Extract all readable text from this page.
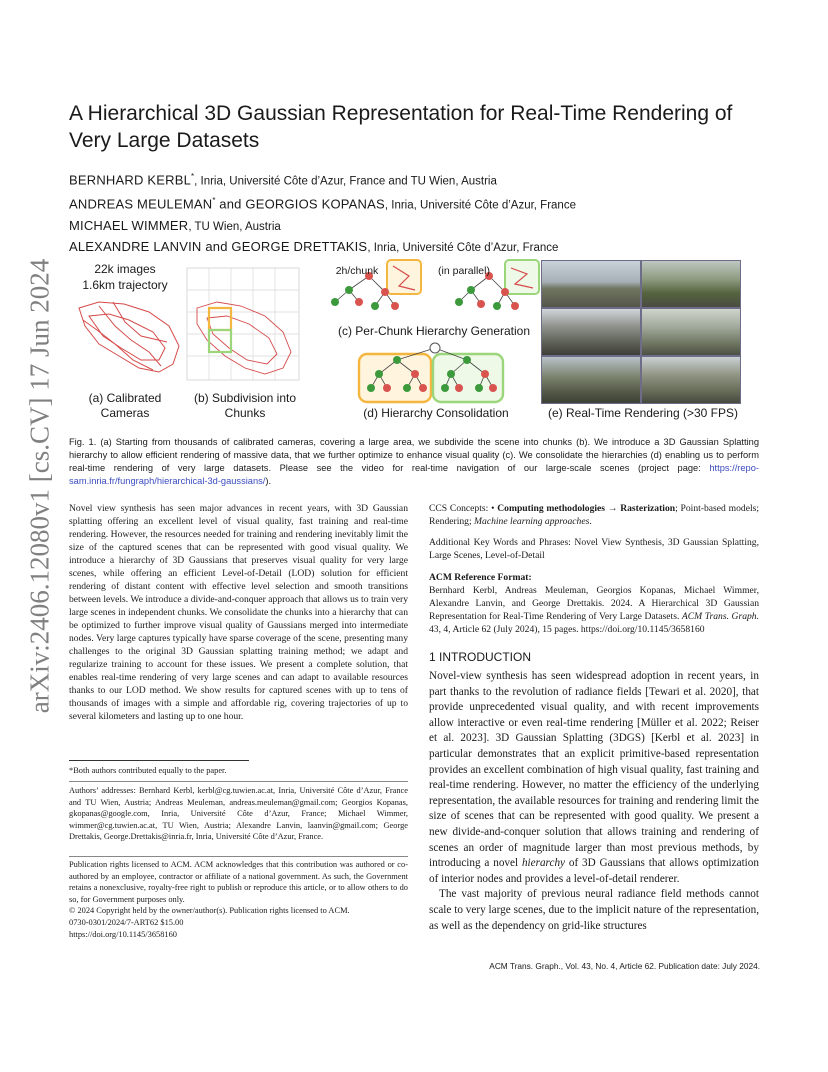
arXiv:2406.12080v1 [cs.CV] 17 Jun 2024
A Hierarchical 3D Gaussian Representation for Real-Time Rendering of
Very Large Datasets
BERNHARD KERBL*, Inria, Université Côte d’Azur, France and TU Wien, Austria
ANDREAS MEULEMAN* and GEORGIOS KOPANAS, Inria, Université Côte d’Azur, France
MICHAEL WIMMER, TU Wien, Austria
ALEXANDRE LANVIN and GEORGE DRETTAKIS, Inria, Université Côte d’Azur, France
22k images
1.6km trajectory
2h/chunk	(in parallel)
(c) Per-Chunk Hierarchy Generation
(a) Calibrated
Cameras
(b) Subdivision into
Chunks	(d) Hierarchy Consolidation	(e) Real-Time Rendering (>30 FPS)
Fig. 1. (a) Starting from thousands of calibrated cameras, covering a large area, we subdivide the scene into chunks (b). We introduce a 3D Gaussian Splatting hierarchy to allow efficient rendering of massive data, that we further optimize to enhance visual quality (c). We consolidate the hierarchies (d) enabling us to perform real-time rendering of very large datasets. Please see the video for real-time navigation of our large-scale scenes (project page: https://repo-sam.inria.fr/fungraph/hierarchical-3d-gaussians/).
Novel view synthesis has seen major advances in recent years, with 3D Gaussian splatting offering an excellent level of visual quality, fast training and real-time rendering. However, the resources needed for training and rendering inevitably limit the size of the captured scenes that can be represented with good visual quality. We introduce a hierarchy of 3D Gaussians that preserves visual quality for very large scenes, while offering an efficient Level-of-Detail (LOD) solution for efficient rendering of distant content with effective level selection and smooth transitions between levels. We introduce a divide-and-conquer approach that allows us to train very large scenes in independent chunks. We consolidate the chunks into a hierarchy that can be optimized to further improve visual quality of Gaussians merged into intermediate nodes. Very large captures typically have sparse coverage of the scene, presenting many challenges to the original 3D Gaussian splatting training method; we adapt and regularize training to account for these issues. We present a complete solution, that enables real-time rendering of very large scenes and can adapt to available resources thanks to our LOD method. We show results for captured scenes with up to tens of thousands of images with a simple and affordable rig, covering trajectories of up to several kilometers and lasting up to one hour.
*Both authors contributed equally to the paper.
Authors’ addresses: Bernhard Kerbl, kerbl@cg.tuwien.ac.at, Inria, Université Côte d’Azur, France and TU Wien, Austria; Andreas Meuleman, andreas.meuleman@gmail.com; Georgios Kopanas, gkopanas@google.com, Inria, Université Côte d’Azur, France; Michael Wimmer, wimmer@cg.tuwien.ac.at, TU Wien, Austria; Alexandre Lanvin, laanvin@gmail.com; George Drettakis, George.Drettakis@inria.fr, Inria, Université Côte d’Azur, France.
Publication rights licensed to ACM. ACM acknowledges that this contribution was authored or co-authored by an employee, contractor or affiliate of a national government. As such, the Government retains a nonexclusive, royalty-free right to publish or reproduce this article, or to allow others to do so, for Government purposes only.
© 2024 Copyright held by the owner/author(s). Publication rights licensed to ACM.
0730-0301/2024/7-ART62 $15.00
https://doi.org/10.1145/3658160
CCS Concepts: • Computing methodologies → Rasterization; Point-based models; Rendering; Machine learning approaches.
Additional Key Words and Phrases: Novel View Synthesis, 3D Gaussian Splatting, Large Scenes, Level-of-Detail
ACM Reference Format:
Bernhard Kerbl, Andreas Meuleman, Georgios Kopanas, Michael Wimmer, Alexandre Lanvin, and George Drettakis. 2024. A Hierarchical 3D Gaussian Representation for Real-Time Rendering of Very Large Datasets. ACM Trans. Graph. 43, 4, Article 62 (July 2024), 15 pages. https://doi.org/10.1145/3658160
1 INTRODUCTION
Novel-view synthesis has seen widespread adoption in recent years, in part thanks to the revolution of radiance fields [Tewari et al. 2020], that provide unprecedented visual quality, and with recent improvements allow interactive or even real-time rendering [Müller et al. 2022; Reiser et al. 2023]. 3D Gaussian Splatting (3DGS) [Kerbl et al. 2023] in particular demonstrates that an explicit primitive-based representation provides an excellent combination of high visual quality, fast training and real-time rendering. However, no matter the efficiency of the underlying representation, the available resources for training and rendering limit the size of scenes that can be represented with good quality. We present a new divide-and-conquer solution that allows training and rendering of scenes an order of magnitude larger than most previous methods, by introducing a novel hierarchy of 3D Gaussians that allows optimization of interior nodes and provides a level-of-detail renderer.
The vast majority of previous neural radiance field methods cannot scale to very large scenes, due to the implicit nature of the representation, as well as the dependency on grid-like structures
ACM Trans. Graph., Vol. 43, No. 4, Article 62. Publication date: July 2024.
